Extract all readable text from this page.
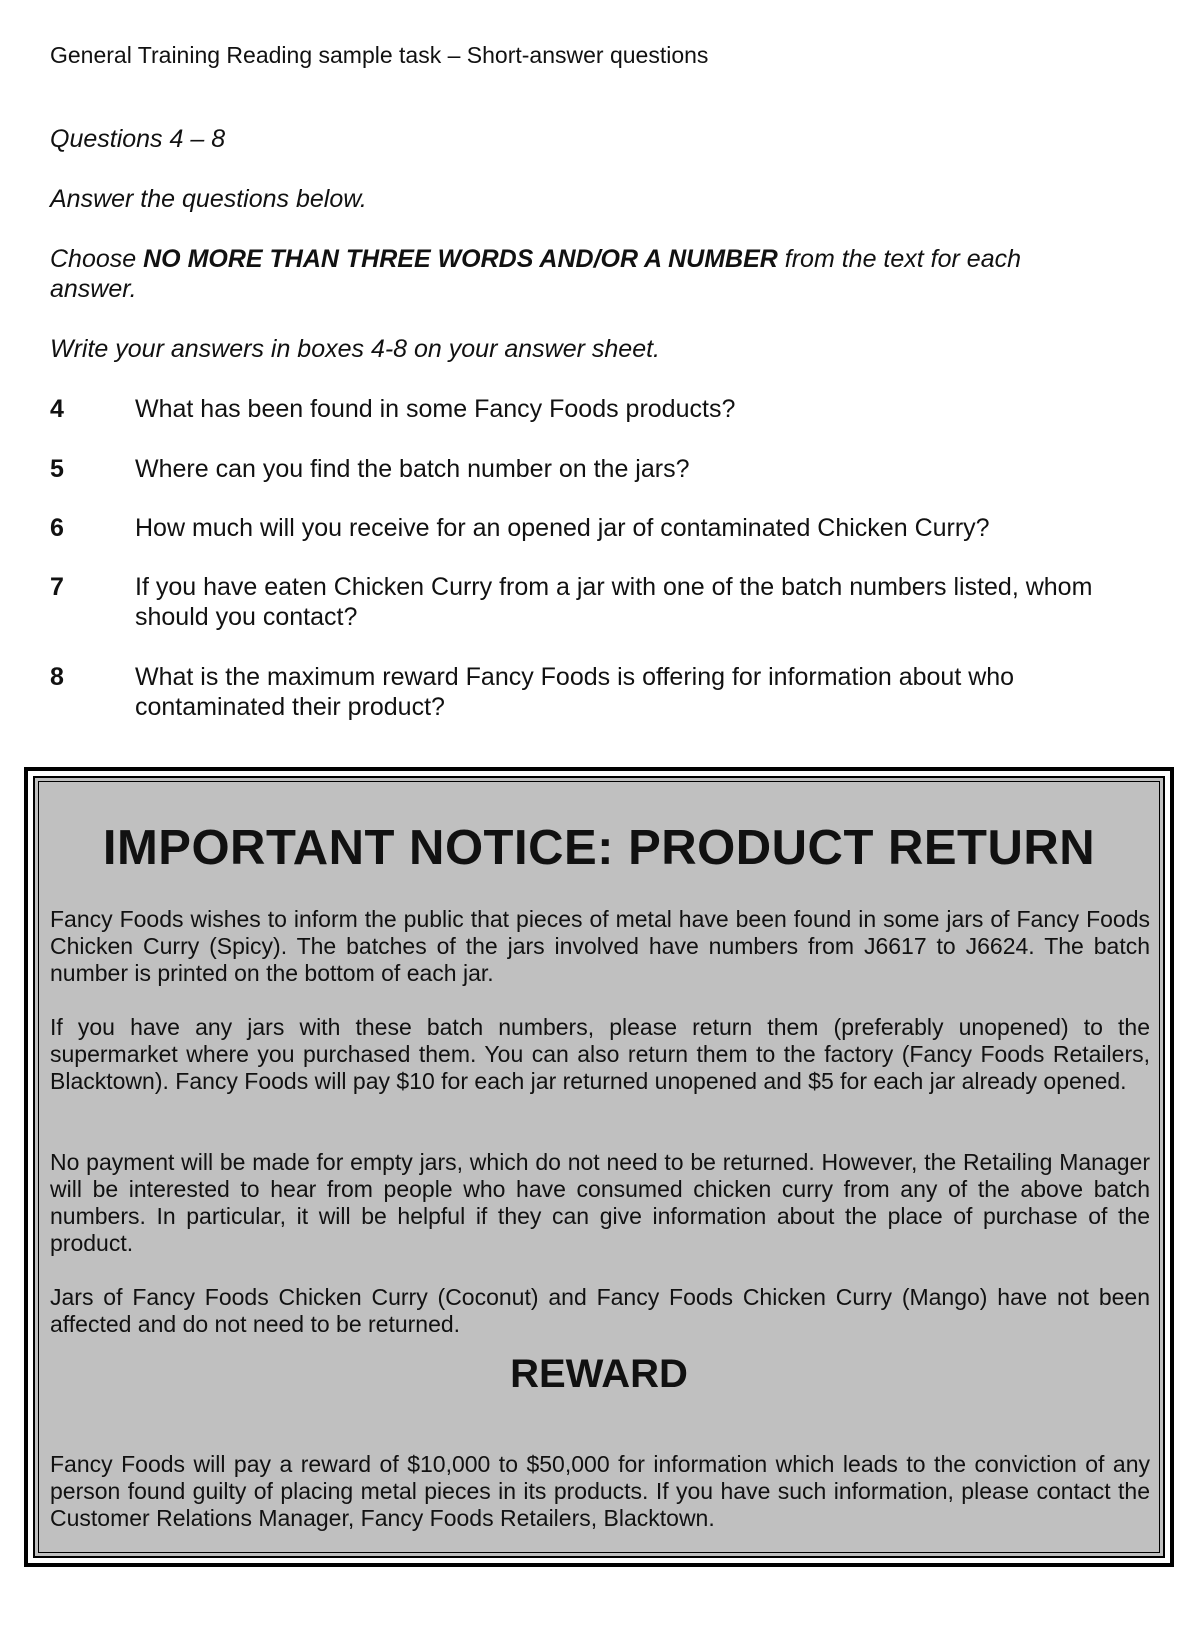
General Training Reading sample task – Short-answer questions
Questions 4 – 8
Answer the questions below.
Choose NO MORE THAN THREE WORDS AND/OR A NUMBER from the text for each answer.
Write your answers in boxes 4-8 on your answer sheet.
4	What has been found in some Fancy Foods products?
5	Where can you find the batch number on the jars?
6	How much will you receive for an opened jar of contaminated Chicken Curry?
7	If you have eaten Chicken Curry from a jar with one of the batch numbers listed, whom should you contact?
8	What is the maximum reward Fancy Foods is offering for information about who contaminated their product?
IMPORTANT NOTICE: PRODUCT RETURN
Fancy Foods wishes to inform the public that pieces of metal have been found in some jars of Fancy Foods Chicken Curry (Spicy). The batches of the jars involved have numbers from J6617 to J6624. The batch number is printed on the bottom of each jar.
If you have any jars with these batch numbers, please return them (preferably unopened) to the supermarket where you purchased them. You can also return them to the factory (Fancy Foods Retailers, Blacktown). Fancy Foods will pay $10 for each jar returned unopened and $5 for each jar already opened.
No payment will be made for empty jars, which do not need to be returned. However, the Retailing Manager will be interested to hear from people who have consumed chicken curry from any of the above batch numbers. In particular, it will be helpful if they can give information about the place of purchase of the product.
Jars of Fancy Foods Chicken Curry (Coconut) and Fancy Foods Chicken Curry (Mango) have not been affected and do not need to be returned.
REWARD
Fancy Foods will pay a reward of $10,000 to $50,000 for information which leads to the conviction of any person found guilty of placing metal pieces in its products. If you have such information, please contact the Customer Relations Manager, Fancy Foods Retailers, Blacktown.
